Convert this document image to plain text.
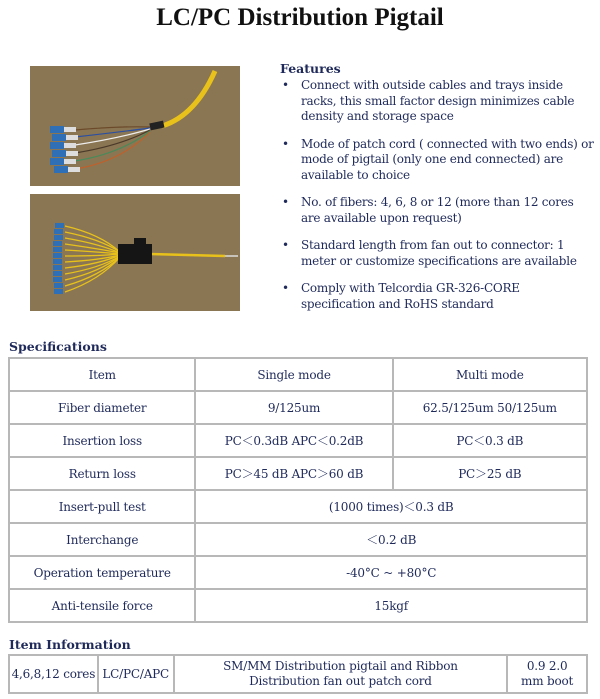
LC/PC Distribution Pigtail
Features
• Connect with outside cables and trays inside racks, this small factor design minimizes cable density and storage space
• Mode of patch cord ( connected with two ends) or mode of pigtail (only one end connected) are available to choice
• No. of fibers: 4, 6, 8 or 12 (more than 12 cores are available upon request)
• Standard length from fan out to connector: 1 meter or customize specifications are available
• Comply with Telcordia GR-326-CORE specification and RoHS standard
Specifications
Item	Single mode	Multi mode
Fiber diameter	9/125um	62.5/125um 50/125um
Insertion loss	PC＜0.3dB APC＜0.2dB	PC＜0.3 dB
Return loss	PC＞45 dB APC＞60 dB	PC＞25 dB
Insert-pull test	(1000 times)＜0.3 dB	
Interchange	＜0.2 dB	
Operation temperature	-40°C ~ +80°C	
Anti-tensile force	15kgf	
Item Information
4,6,8,12 cores	LC/PC/APC	SM/MM Distribution pigtail and Ribbon Distribution fan out patch cord	0.9 2.0 mm boot
